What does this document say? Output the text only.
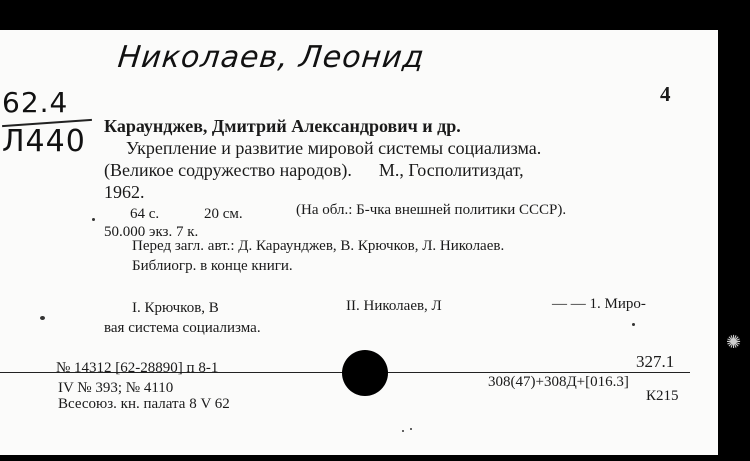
Николаев, Леонид
62.4
Л440
4
Караунджев, Дмитрий Александрович и др.
Укрепление и развитие мировой системы социализма.
(Великое содружество народов).      М., Госполитиздат,
1962.
64 с.	20 см.	(На обл.: Б-чка внешней политики СССР).
50.000 экз. 7 к.
Перед загл. авт.: Д. Караунджев, В. Крючков, Л. Николаев.
Библиогр. в конце книги.
I. Крючков, В	II. Николаев, Л	— — 1. Миро-
вая система социализма.
327.1
№ 14312 [62-28890] п 8-1
IV № 393; № 4110
Всесоюз. кн. палата 8 V 62
308(47)+308Д+[016.3]
К215
✺
